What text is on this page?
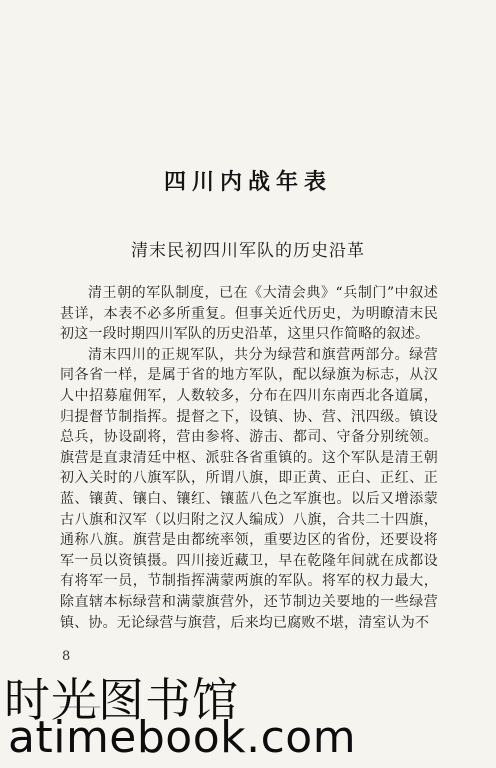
四川内战年表
清末民初四川军队的历史沿革

清王朝的军队制度，已在《大清会典》“兵制门”中叙述甚详，本表不必多所重复。但事关近代历史，为明瞭清末民初这一段时期四川军队的历史沿革，这里只作简略的叙述。

清末四川的正规军队，共分为绿营和旗营两部分。绿营同各省一样，是属于省的地方军队，配以绿旗为标志，从汉人中招募雇佣军，人数较多，分布在四川东南西北各道属，归提督节制指挥。提督之下，设镇、协、营、汛四级。镇设总兵，协设副将，营由参将、游击、都司、守备分别统领。旗营是直隶清廷中枢、派驻各省重镇的。这个军队是清王朝初入关时的八旗军队，所谓八旗，即正黄、正白、正红、正蓝、镶黄、镶白、镶红、镶蓝八色之军旗也。以后又增添蒙古八旗和汉军（以归附之汉人编成）八旗，合共二十四旗，通称八旗。旗营是由都统率领，重要边区的省份，还要设将军一员以资镇摄。四川接近藏卫，早在乾隆年间就在成都设有将军一员，节制指挥满蒙两旗的军队。将军的权力最大，除直辖本标绿营和满蒙旗营外，还节制边关要地的一些绿营镇、协。无论绿营与旗营，后来均已腐败不堪，清室认为不

8
时光图书馆
atimebook.com
